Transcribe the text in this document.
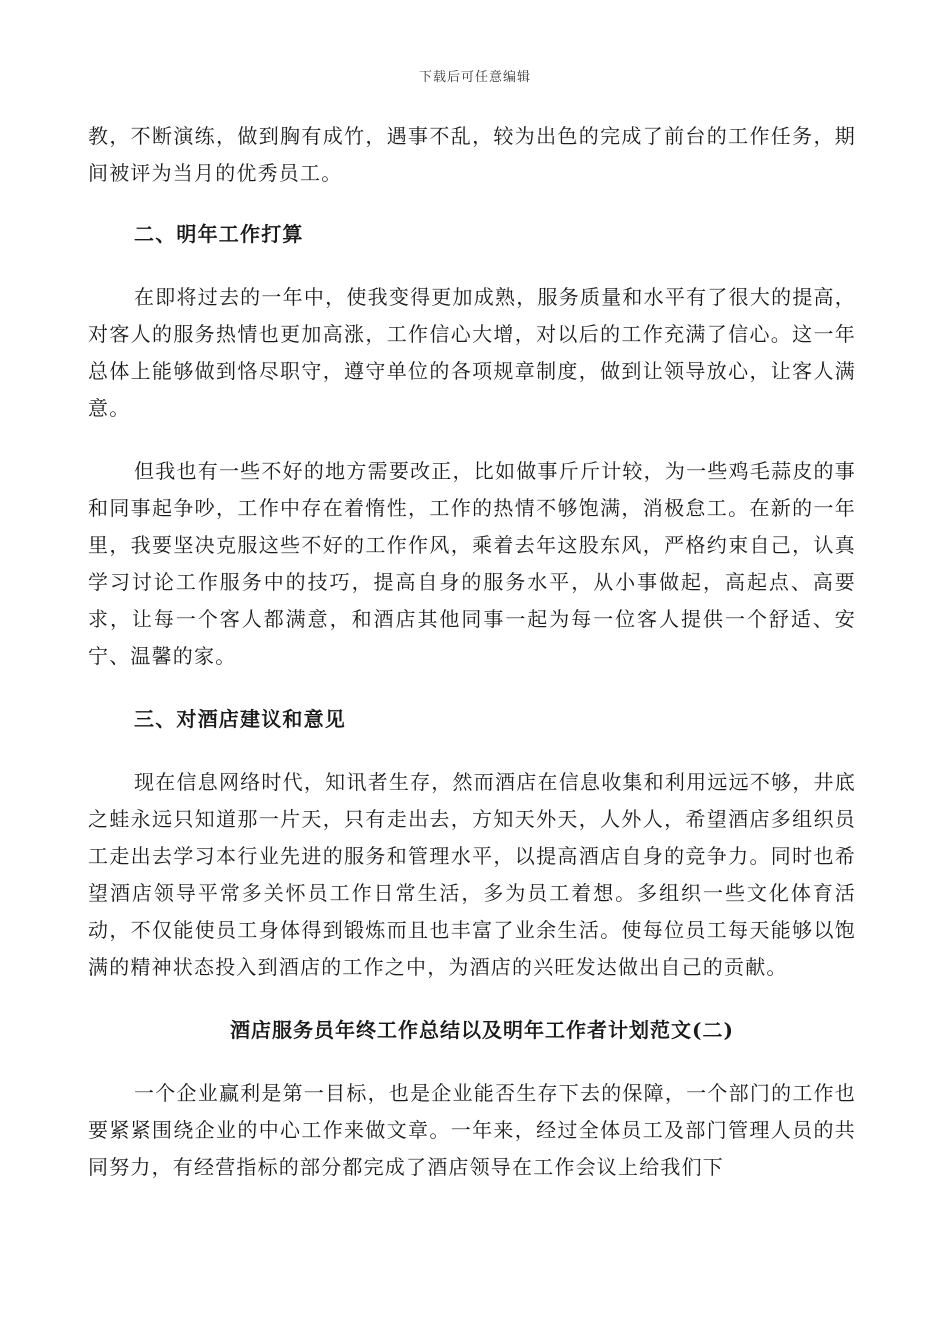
下载后可任意编辑

教，不断演练，做到胸有成竹，遇事不乱，较为出色的完成了前台的工作任务，期间被评为当月的优秀员工。

二、明年工作打算

在即将过去的一年中，使我变得更加成熟，服务质量和水平有了很大的提高，对客人的服务热情也更加高涨，工作信心大增，对以后的工作充满了信心。这一年总体上能够做到恪尽职守，遵守单位的各项规章制度，做到让领导放心，让客人满意。

但我也有一些不好的地方需要改正，比如做事斤斤计较，为一些鸡毛蒜皮的事和同事起争吵，工作中存在着惰性，工作的热情不够饱满，消极怠工。在新的一年里，我要坚决克服这些不好的工作作风，乘着去年这股东风，严格约束自己，认真学习讨论工作服务中的技巧，提高自身的服务水平，从小事做起，高起点、高要求，让每一个客人都满意，和酒店其他同事一起为每一位客人提供一个舒适、安宁、温馨的家。

三、对酒店建议和意见

现在信息网络时代，知讯者生存，然而酒店在信息收集和利用远远不够，井底之蛙永远只知道那一片天，只有走出去，方知天外天，人外人，希望酒店多组织员工走出去学习本行业先进的服务和管理水平，以提高酒店自身的竞争力。同时也希望酒店领导平常多关怀员工作日常生活，多为员工着想。多组织一些文化体育活动，不仅能使员工身体得到锻炼而且也丰富了业余生活。使每位员工每天能够以饱满的精神状态投入到酒店的工作之中，为酒店的兴旺发达做出自己的贡献。

酒店服务员年终工作总结以及明年工作者计划范文(二)

一个企业赢利是第一目标，也是企业能否生存下去的保障，一个部门的工作也要紧紧围绕企业的中心工作来做文章。一年来，经过全体员工及部门管理人员的共同努力，有经营指标的部分都完成了酒店领导在工作会议上给我们下
